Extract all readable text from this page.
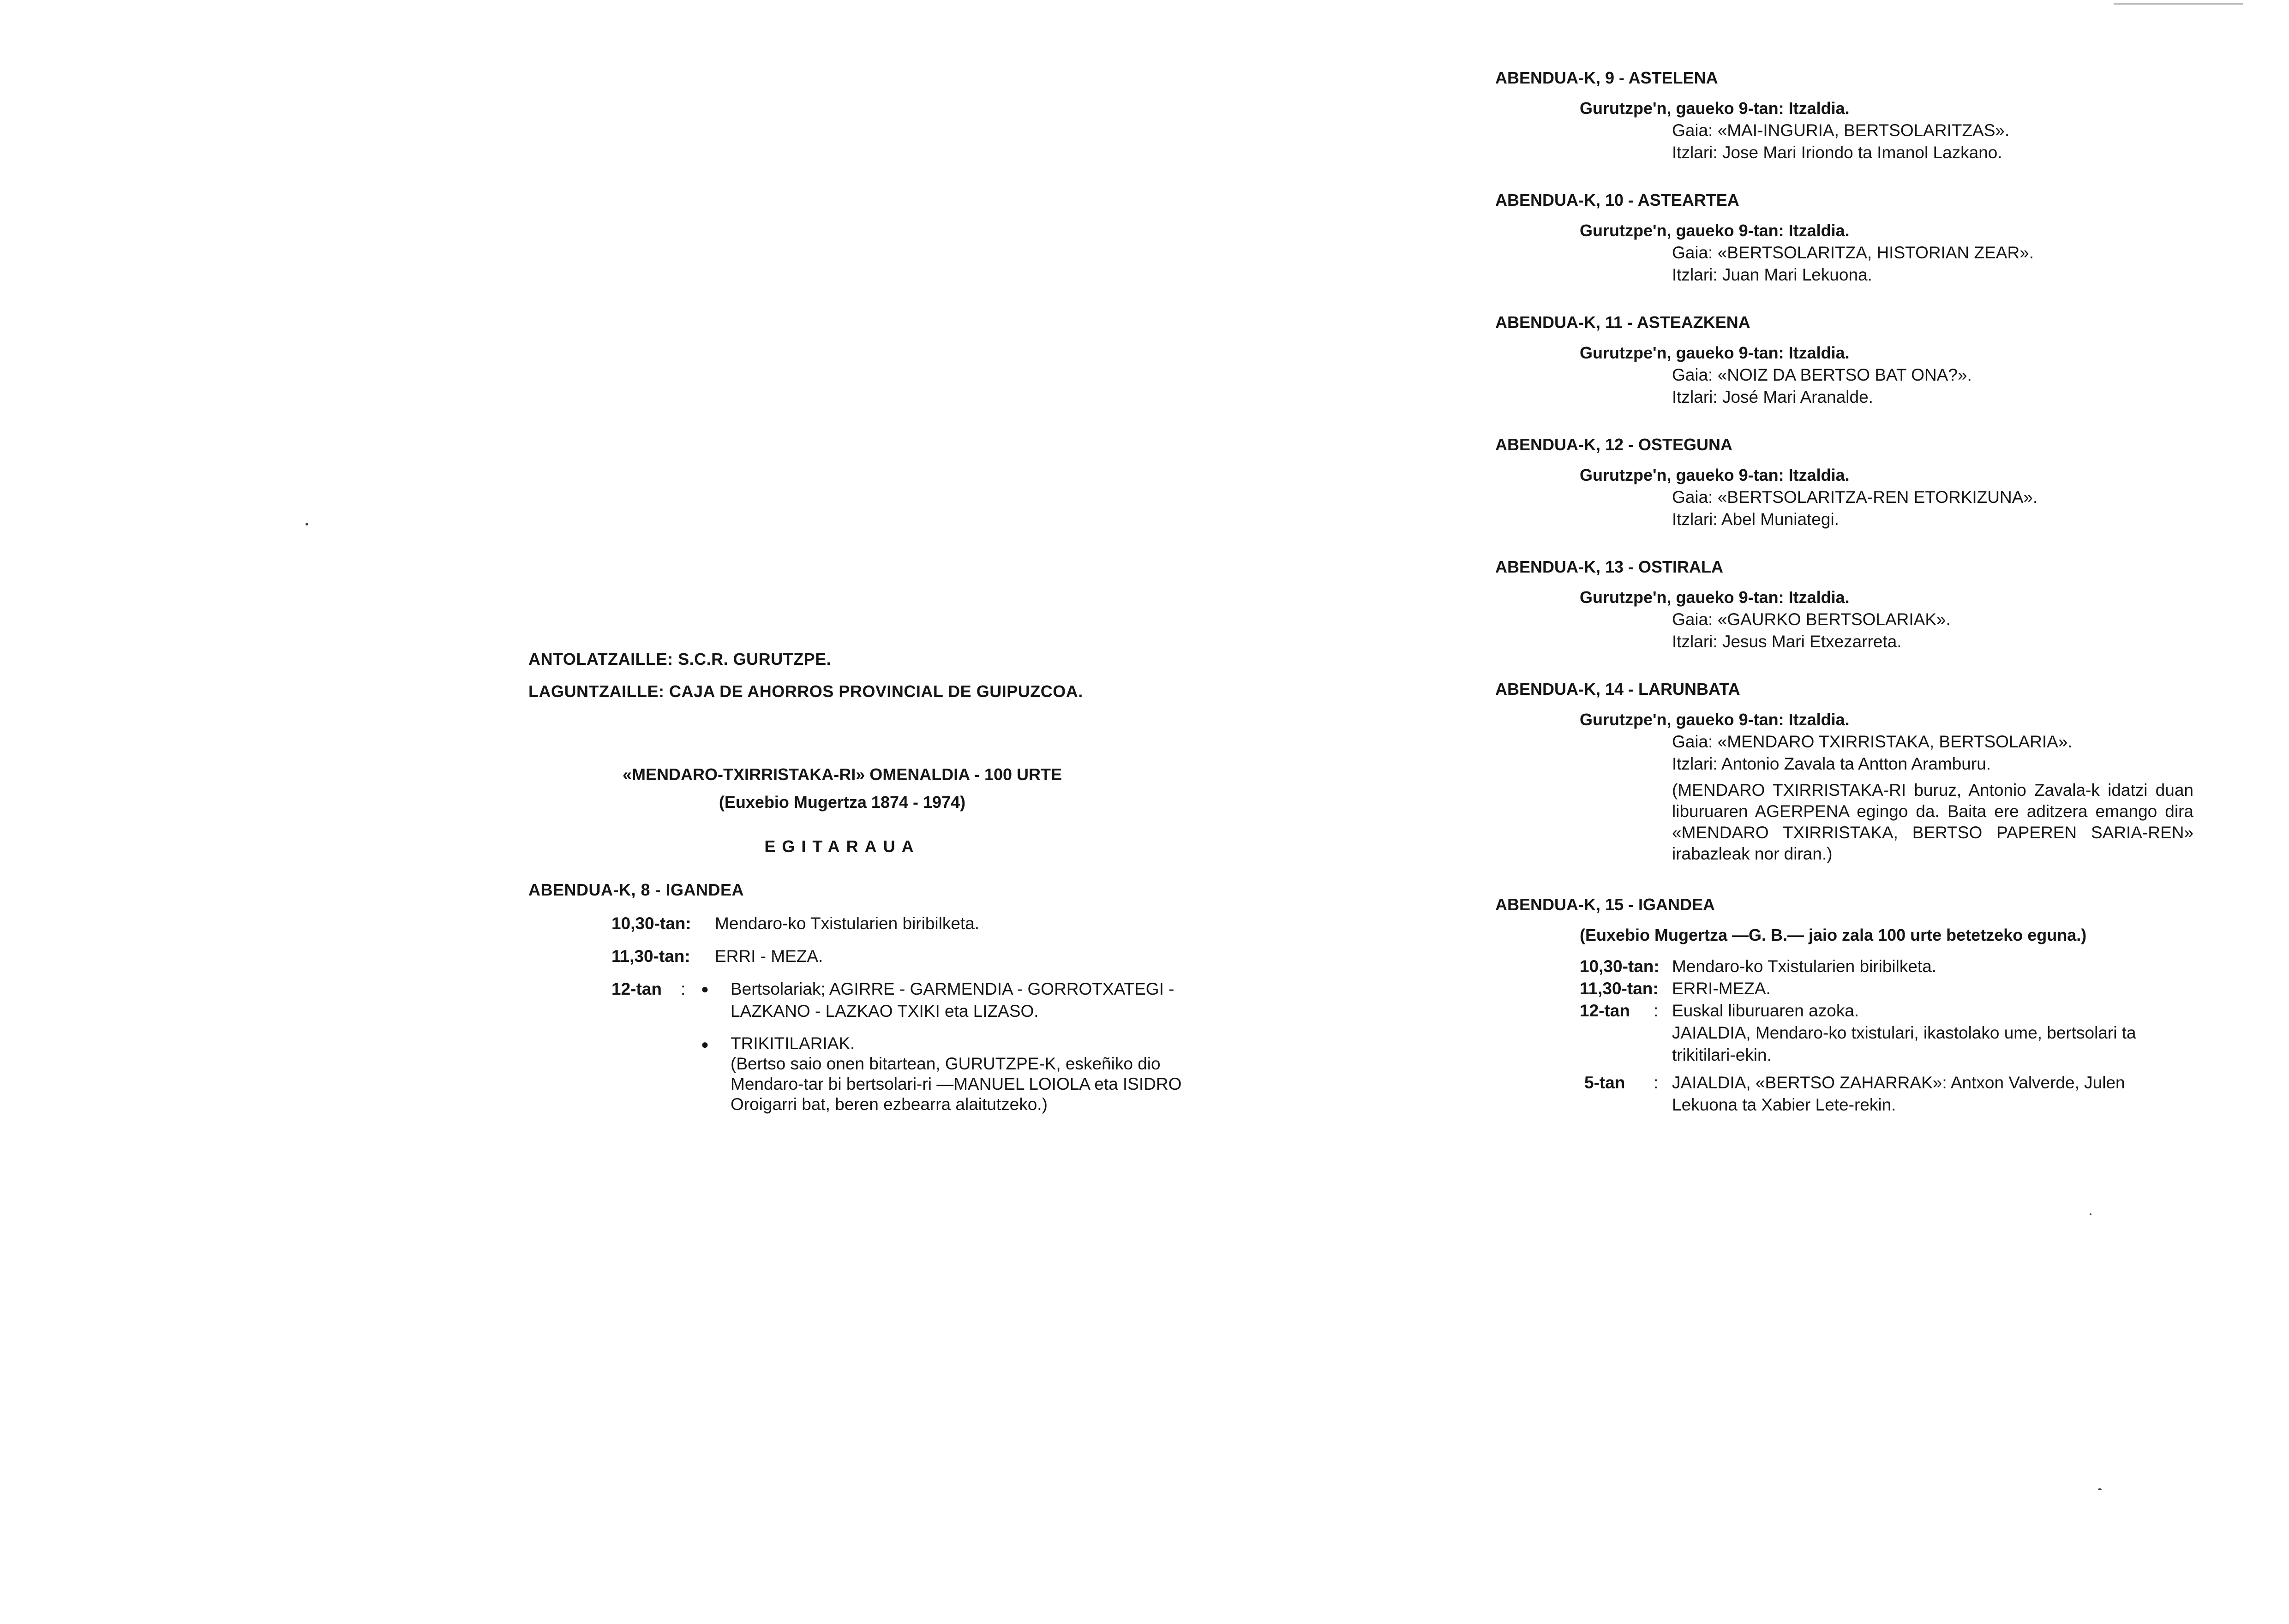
ANTOLATZAILLE: S.C.R. GURUTZPE.
LAGUNTZAILLE: CAJA DE AHORROS PROVINCIAL DE GUIPUZCOA.
«MENDARO-TXIRRISTAKA-RI» OMENALDIA - 100 URTE
(Euxebio Mugertza 1874 - 1974)
EGITARAUA
ABENDUA-K, 8 - IGANDEA
10,30-tan: Mendaro-ko Txistularien biribilketa.
11,30-tan: ERRI - MEZA.
12-tan	:	●	Bertsolariak; AGIRRE - GARMENDIA - GORROTXATEGI -
LAZKANO - LAZKAO TXIKI eta LIZASO.
●	TRIKITILARIAK.
(Bertso saio onen bitartean, GURUTZPE-K, eskeñiko dio
Mendaro-tar bi bertsolari-ri —MANUEL LOIOLA eta ISIDRO
Oroigarri bat, beren ezbearra alaitutzeko.)
ABENDUA-K, 9 - ASTELENA
Gurutzpe'n, gaueko 9-tan: Itzaldia.
Gaia: «MAI-INGURIA, BERTSOLARITZAS».
Itzlari: Jose Mari Iriondo ta Imanol Lazkano.
ABENDUA-K, 10 - ASTEARTEA
Gurutzpe'n, gaueko 9-tan: Itzaldia.
Gaia: «BERTSOLARITZA, HISTORIAN ZEAR».
Itzlari: Juan Mari Lekuona.
ABENDUA-K, 11 - ASTEAZKENA
Gurutzpe'n, gaueko 9-tan: Itzaldia.
Gaia: «NOIZ DA BERTSO BAT ONA?».
Itzlari: José Mari Aranalde.
ABENDUA-K, 12 - OSTEGUNA
Gurutzpe'n, gaueko 9-tan: Itzaldia.
Gaia: «BERTSOLARITZA-REN ETORKIZUNA».
Itzlari: Abel Muniategi.
ABENDUA-K, 13 - OSTIRALA
Gurutzpe'n, gaueko 9-tan: Itzaldia.
Gaia: «GAURKO BERTSOLARIAK».
Itzlari: Jesus Mari Etxezarreta.
ABENDUA-K, 14 - LARUNBATA
Gurutzpe'n, gaueko 9-tan: Itzaldia.
Gaia: «MENDARO TXIRRISTAKA, BERTSOLARIA».
Itzlari: Antonio Zavala ta Antton Aramburu.
(MENDARO TXIRRISTAKA-RI buruz, Antonio Zavala-k idatzi duan liburuaren AGERPENA egingo da. Baita ere aditzera emango dira «MENDARO TXIRRISTAKA, BERTSO PAPEREN SARIA-REN» irabazleak nor diran.)
ABENDUA-K, 15 - IGANDEA
(Euxebio Mugertza —G. B.— jaio zala 100 urte betetzeko eguna.)
10,30-tan: Mendaro-ko Txistularien biribilketa.
11,30-tan: ERRI-MEZA.
12-tan	: Euskal liburuaren azoka.
JAIALDIA, Mendaro-ko txistulari, ikastolako ume, bertsolari ta
trikitilari-ekin.
5-tan	: JAIALDIA, «BERTSO ZAHARRAK»: Antxon Valverde, Julen
Lekuona ta Xabier Lete-rekin.
